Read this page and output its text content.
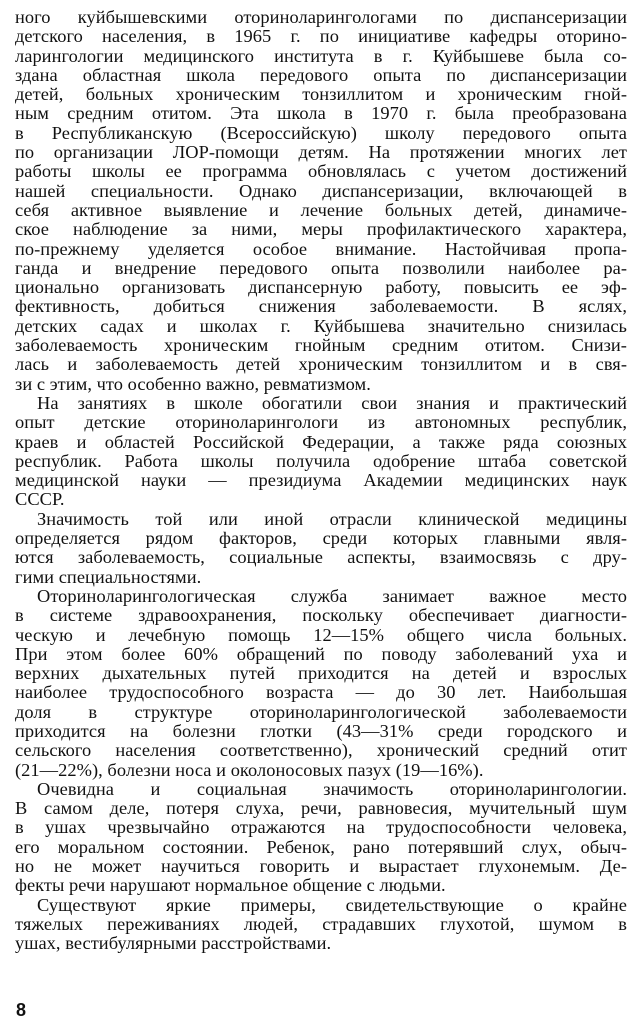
ного куйбышевскими оториноларингологами по диспансеризации
детского населения, в 1965 г. по инициативе кафедры оторино-
ларингологии медицинского института в г. Куйбышеве была со-
здана областная школа передового опыта по диспансеризации
детей, больных хроническим тонзиллитом и хроническим гной-
ным средним отитом. Эта школа в 1970 г. была преобразована
в Республиканскую (Всероссийскую) школу передового опыта
по организации ЛОР-помощи детям. На протяжении многих лет
работы школы ее программа обновлялась с учетом достижений
нашей специальности. Однако диспансеризации, включающей в
себя активное выявление и лечение больных детей, динамиче-
ское наблюдение за ними, меры профилактического характера,
по-прежнему уделяется особое внимание. Настойчивая пропа-
ганда и внедрение передового опыта позволили наиболее ра-
ционально организовать диспансерную работу, повысить ее эф-
фективность, добиться снижения заболеваемости. В яслях,
детских садах и школах г. Куйбышева значительно снизилась
заболеваемость хроническим гнойным средним отитом. Снизи-
лась и заболеваемость детей хроническим тонзиллитом и в свя-
зи с этим, что особенно важно, ревматизмом.
На занятиях в школе обогатили свои знания и практический
опыт детские оториноларингологи из автономных республик,
краев и областей Российской Федерации, а также ряда союзных
республик. Работа школы получила одобрение штаба советской
медицинской науки — президиума Академии медицинских наук
СССР.
Значимость той или иной отрасли клинической медицины
определяется рядом факторов, среди которых главными явля-
ются заболеваемость, социальные аспекты, взаимосвязь с дру-
гими специальностями.
Оториноларингологическая служба занимает важное место
в системе здравоохранения, поскольку обеспечивает диагности-
ческую и лечебную помощь 12—15% общего числа больных.
При этом более 60% обращений по поводу заболеваний уха и
верхних дыхательных путей приходится на детей и взрослых
наиболее трудоспособного возраста — до 30 лет. Наибольшая
доля в структуре оториноларингологической заболеваемости
приходится на болезни глотки (43—31% среди городского и
сельского населения соответственно), хронический средний отит
(21—22%), болезни носа и околоносовых пазух (19—16%).
Очевидна и социальная значимость оториноларингологии.
В самом деле, потеря слуха, речи, равновесия, мучительный шум
в ушах чрезвычайно отражаются на трудоспособности человека,
его моральном состоянии. Ребенок, рано потерявший слух, обыч-
но не может научиться говорить и вырастает глухонемым. Де-
фекты речи нарушают нормальное общение с людьми.
Существуют яркие примеры, свидетельствующие о крайне
тяжелых переживаниях людей, страдавших глухотой, шумом в
ушах, вестибулярными расстройствами.
8
